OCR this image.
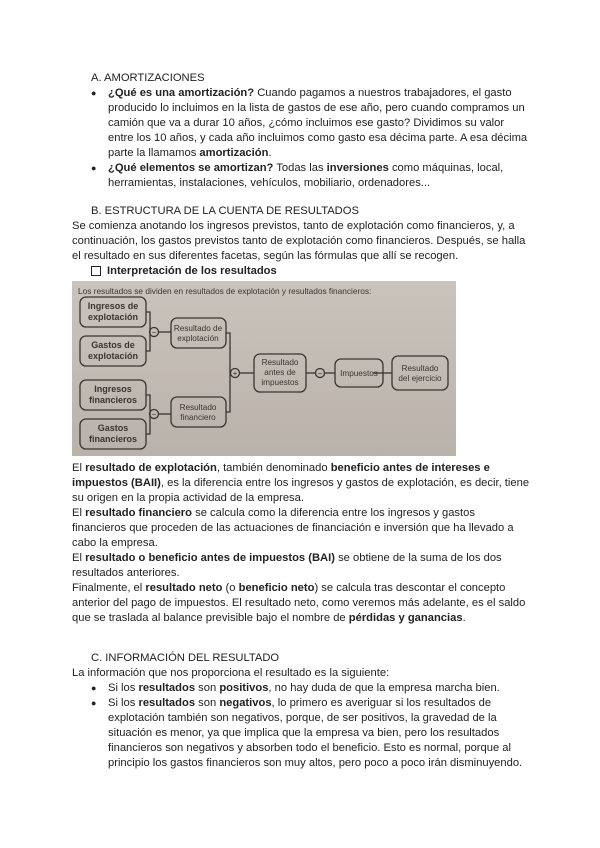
A. AMORTIZACIONES
● ¿Qué es una amortización? Cuando pagamos a nuestros trabajadores, el gasto
producido lo incluimos en la lista de gastos de ese año, pero cuando compramos un
camión que va a durar 10 años, ¿cómo incluimos ese gasto? Dividimos su valor
entre los 10 años, y cada año incluimos como gasto esa décima parte. A esa décima
parte la llamamos amortización.
● ¿Qué elementos se amortizan? Todas las inversiones como máquinas, local,
herramientas, instalaciones, vehículos, mobiliario, ordenadores...
B. ESTRUCTURA DE LA CUENTA DE RESULTADOS
Se comienza anotando los ingresos previstos, tanto de explotación como financieros, y, a
continuación, los gastos previstos tanto de explotación como financieros. Después, se halla
el resultado en sus diferentes facetas, según las fórmulas que allí se recogen.
Interpretación de los resultados
Los resultados se dividen en resultados de explotación y resultados financieros:
−
−
+	−
Ingresos de
explotación
Gastos de
explotación
Ingresos
financieros
Gastos
financieros
Resultado de
explotación
Resultado
financiero
Resultado
antes de
impuestos
Impuestos
Resultado
del ejercicio
El resultado de explotación, también denominado beneficio antes de intereses e
impuestos (BAII), es la diferencia entre los ingresos y gastos de explotación, es decir, tiene
su origen en la propia actividad de la empresa.
El resultado financiero se calcula como la diferencia entre los ingresos y gastos
financieros que proceden de las actuaciones de financiación e inversión que ha llevado a
cabo la empresa.
El resultado o beneficio antes de impuestos (BAI) se obtiene de la suma de los dos
resultados anteriores.
Finalmente, el resultado neto (o beneficio neto) se calcula tras descontar el concepto
anterior del pago de impuestos. El resultado neto, como veremos más adelante, es el saldo
que se traslada al balance previsible bajo el nombre de pérdidas y ganancias.
C. INFORMACIÓN DEL RESULTADO
La información que nos proporciona el resultado es la siguiente:
● Si los resultados son positivos, no hay duda de que la empresa marcha bien.
● Si los resultados son negativos, lo primero es averiguar si los resultados de
explotación también son negativos, porque, de ser positivos, la gravedad de la
situación es menor, ya que implica que la empresa va bien, pero los resultados
financieros son negativos y absorben todo el beneficio. Esto es normal, porque al
principio los gastos financieros son muy altos, pero poco a poco irán disminuyendo.
